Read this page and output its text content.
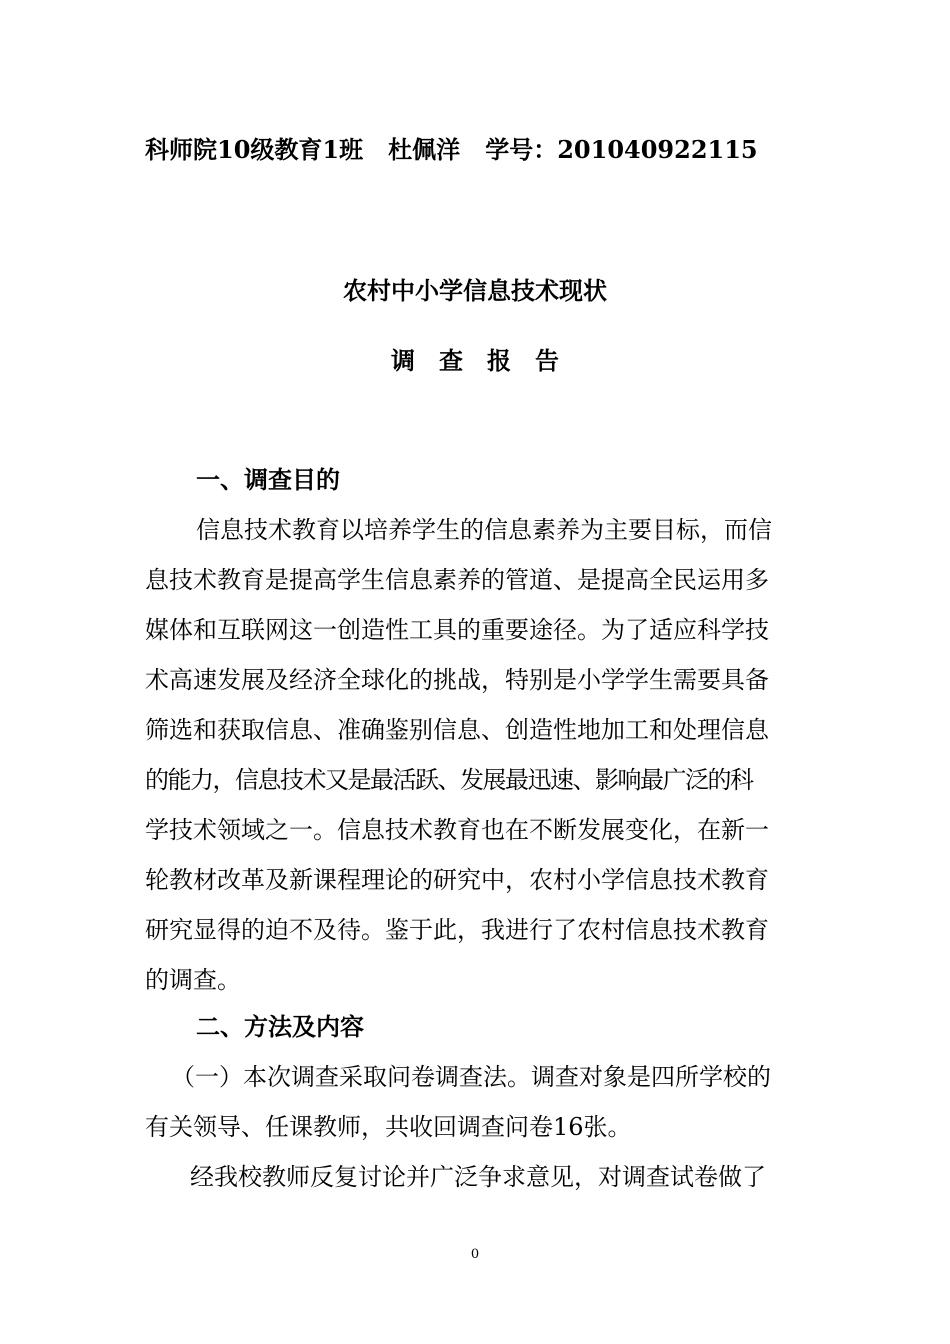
科师院10级教育1班   杜佩洋   学号：201040922115
农村中小学信息技术现状
调查报告
一、调查目的
信息技术教育以培养学生的信息素养为主要目标，而信
息技术教育是提高学生信息素养的管道、是提高全民运用多
媒体和互联网这一创造性工具的重要途径。为了适应科学技
术高速发展及经济全球化的挑战，特别是小学学生需要具备
筛选和获取信息、准确鉴别信息、创造性地加工和处理信息
的能力，信息技术又是最活跃、发展最迅速、影响最广泛的科
学技术领域之一。信息技术教育也在不断发展变化，在新一
轮教材改革及新课程理论的研究中，农村小学信息技术教育
研究显得的迫不及待。鉴于此，我进行了农村信息技术教育
的调查。
二、方法及内容
（一）本次调查采取问卷调查法。调查对象是四所学校的
有关领导、任课教师，共收回调查问卷16张。
经我校教师反复讨论并广泛争求意见，对调查试卷做了
0
